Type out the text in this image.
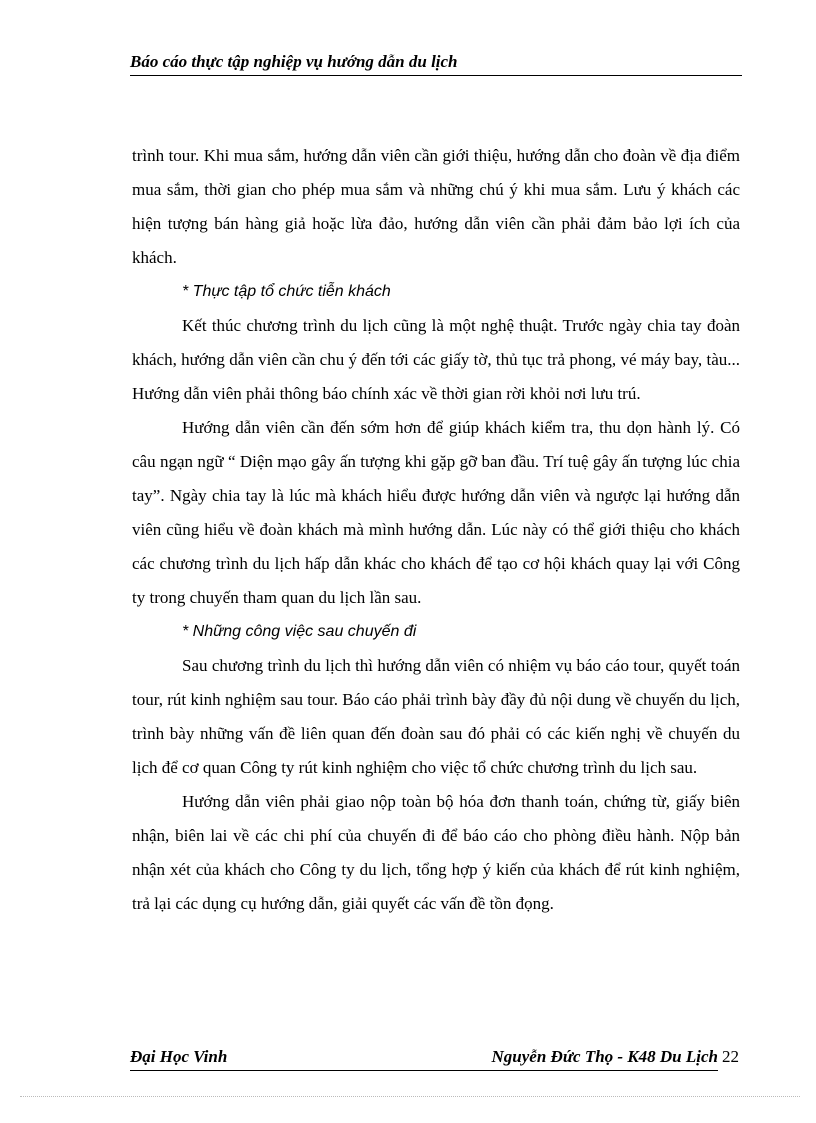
Báo cáo thực tập nghiệp vụ hướng dẫn du lịch

trình tour. Khi mua sắm, hướng dẫn viên cần giới thiệu, hướng dẫn cho đoàn về địa điểm mua sắm, thời gian cho phép mua sắm và những chú ý khi mua sắm. Lưu ý khách các hiện tượng bán hàng giả hoặc lừa đảo, hướng dẫn viên cần phải đảm bảo lợi ích của khách.

* Thực tập tổ chức tiễn khách

Kết thúc chương trình du lịch cũng là một nghệ thuật. Trước ngày chia tay đoàn khách, hướng dẫn viên cần chu ý đến tới các giấy tờ, thủ tục trả phong, vé máy bay, tàu... Hướng dẫn viên phải thông báo chính xác về thời gian rời khỏi nơi lưu trú.

Hướng dẫn viên cần đến sớm hơn để giúp khách kiểm tra, thu dọn hành lý. Có câu ngạn ngữ “ Diện mạo gây ấn tượng khi gặp gỡ ban đầu. Trí tuệ gây ấn tượng lúc chia tay”. Ngày chia tay là lúc mà khách hiểu được hướng dẫn viên và ngược lại hướng dẫn viên cũng hiểu về đoàn khách mà mình hướng dẫn. Lúc này có thể giới thiệu cho khách các chương trình du lịch hấp dẫn khác cho khách để tạo cơ hội khách quay lại với Công ty trong chuyến tham quan du lịch lần sau.

* Những công việc sau chuyến đi

Sau chương trình du lịch thì hướng dẫn viên có nhiệm vụ báo cáo tour, quyết toán tour, rút kinh nghiệm sau tour. Báo cáo phải trình bày đầy đủ nội dung về chuyến du lịch, trình bày những vấn đề liên quan đến đoàn sau đó phải có các kiến nghị về chuyến du lịch để cơ quan Công ty rút kinh nghiệm cho việc tổ chức chương trình du lịch sau.

Hướng dẫn viên phải giao nộp toàn bộ hóa đơn thanh toán, chứng từ, giấy biên nhận, biên lai về các chi phí của chuyến đi để báo cáo cho phòng điều hành. Nộp bản nhận xét của khách cho Công ty du lịch, tổng hợp ý kiến của khách để rút kinh nghiệm, trả lại các dụng cụ hướng dẫn, giải quyết các vấn đề tồn đọng.

Đại Học Vinh	Nguyễn Đức Thọ - K48 Du Lịch 22
